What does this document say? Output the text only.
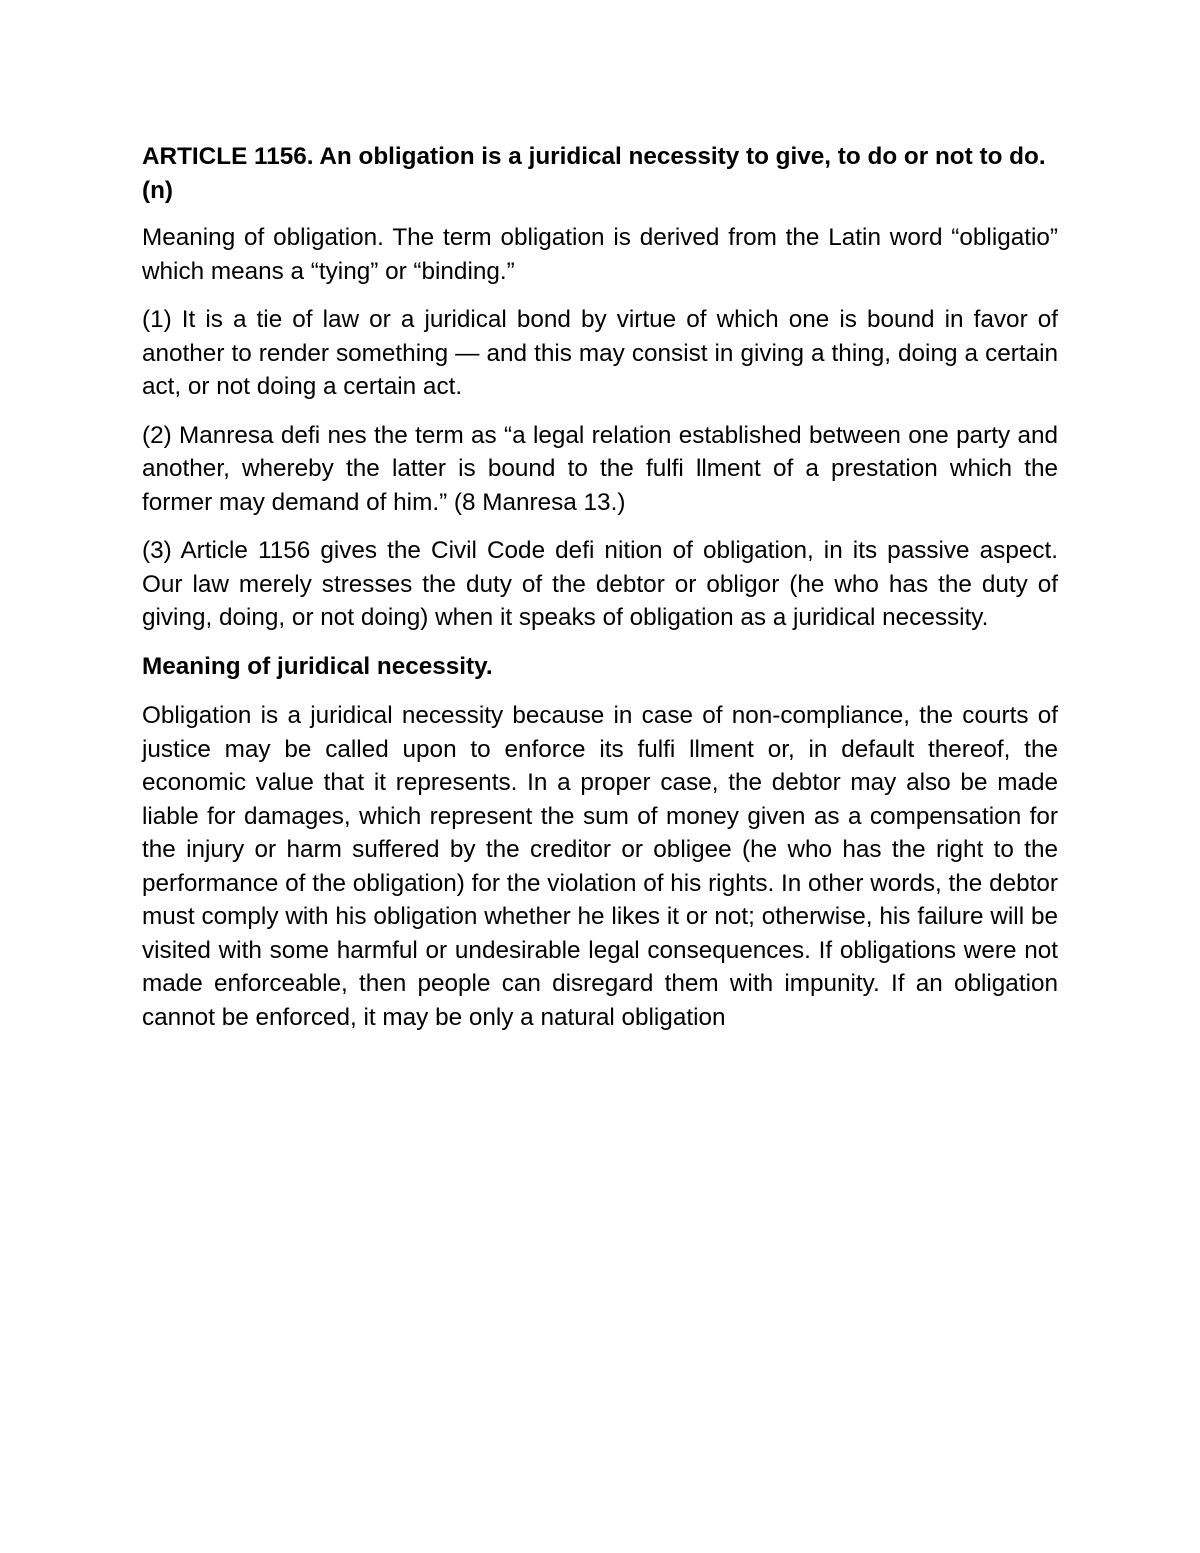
ARTICLE 1156. An obligation is a juridical necessity to give, to do or not to do. (n)

Meaning of obligation. The term obligation is derived from the Latin word “obligatio” which means a “tying” or “binding.”

(1) It is a tie of law or a juridical bond by virtue of which one is bound in favor of another to render something — and this may consist in giving a thing, doing a certain act, or not doing a certain act.

(2) Manresa defi nes the term as “a legal relation established between one party and another, whereby the latter is bound to the fulfi llment of a prestation which the former may demand of him.” (8 Manresa 13.)

(3) Article 1156 gives the Civil Code defi nition of obligation, in its passive aspect. Our law merely stresses the duty of the debtor or obligor (he who has the duty of giving, doing, or not doing) when it speaks of obligation as a juridical necessity.

Meaning of juridical necessity.

Obligation is a juridical necessity because in case of non-compliance, the courts of justice may be called upon to enforce its fulfi llment or, in default thereof, the economic value that it represents. In a proper case, the debtor may also be made liable for damages, which represent the sum of money given as a compensation for the injury or harm suffered by the creditor or obligee (he who has the right to the performance of the obligation) for the violation of his rights. In other words, the debtor must comply with his obligation whether he likes it or not; otherwise, his failure will be visited with some harmful or undesirable legal consequences. If obligations were not made enforceable, then people can disregard them with impunity. If an obligation cannot be enforced, it may be only a natural obligation
